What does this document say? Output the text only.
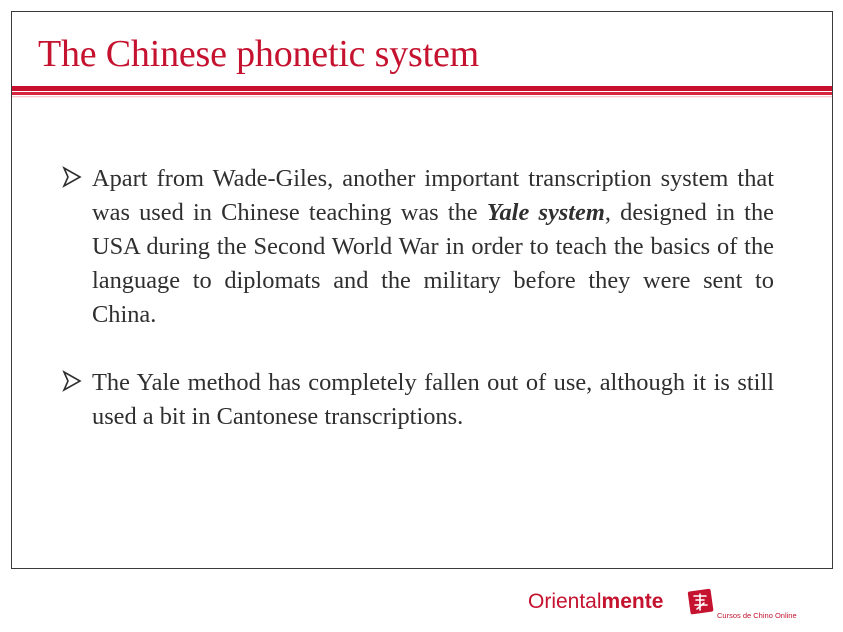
The Chinese phonetic system
Apart from Wade-Giles, another important transcription system that was used in Chinese teaching was the Yale system, designed in the USA during the Second World War in order to teach the basics of the language to diplomats and the military before they were sent to China.
The Yale method has completely fallen out of use, although it is still used a bit in Cantonese transcriptions.
Orientalmente
Cursos de Chino Online
